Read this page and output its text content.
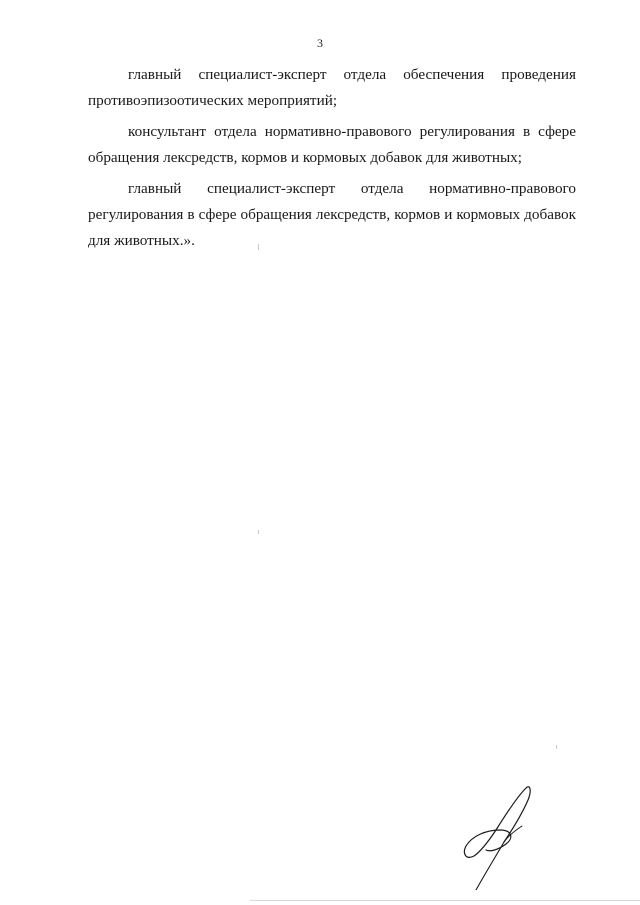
3

главный специалист-эксперт отдела обеспечения проведения противоэпизоотических мероприятий;

консультант отдела нормативно-правового регулирования в сфере обращения лекср​едств, кормов и кормовых добавок для животных;

главный специалист-эксперт отдела нормативно-правового регулирования в сфере обращения лекср​едств, кормов и кормовых добавок для животных.».
